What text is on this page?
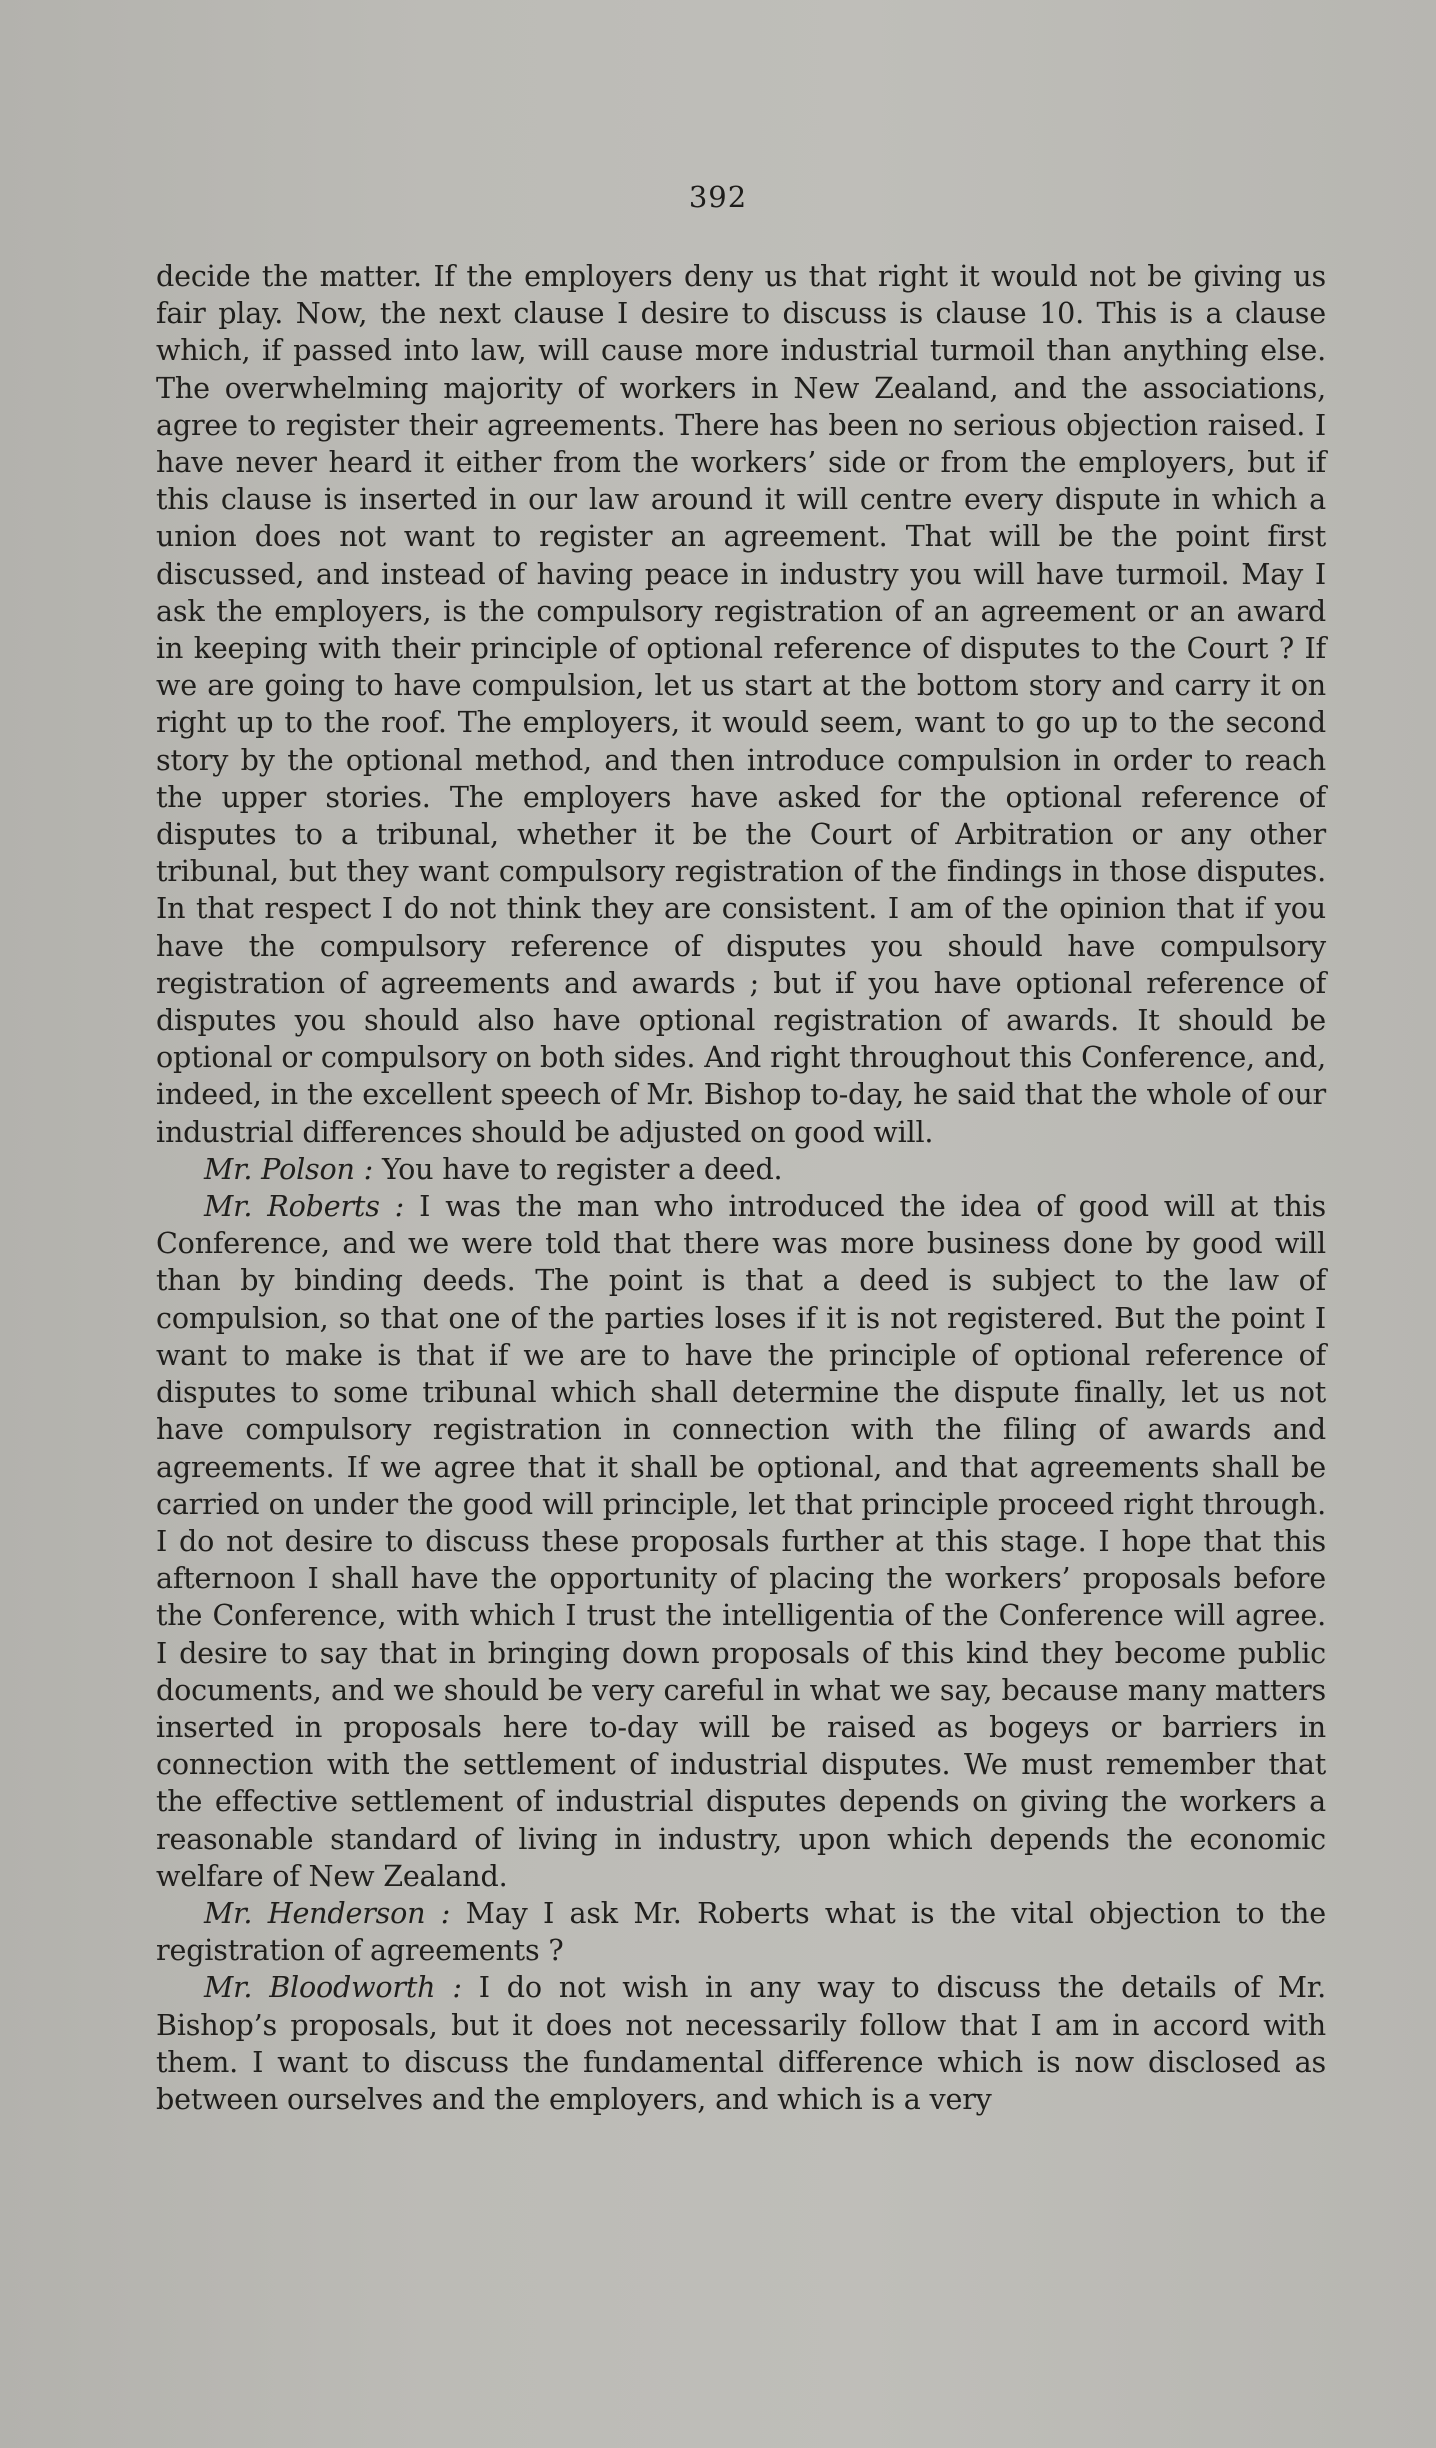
392

decide the matter. If the employers deny us that right it would not be giving us fair play. Now, the next clause I desire to discuss is clause 10. This is a clause which, if passed into law, will cause more industrial turmoil than anything else. The overwhelming majority of workers in New Zealand, and the associations, agree to register their agreements. There has been no serious objection raised. I have never heard it either from the workers’ side or from the employers, but if this clause is inserted in our law around it will centre every dispute in which a union does not want to register an agreement. That will be the point first discussed, and instead of having peace in industry you will have turmoil. May I ask the employers, is the compulsory registration of an agreement or an award in keeping with their principle of optional reference of disputes to the Court ? If we are going to have compulsion, let us start at the bottom story and carry it on right up to the roof. The employers, it would seem, want to go up to the second story by the optional method, and then introduce compulsion in order to reach the upper stories. The employers have asked for the optional reference of disputes to a tribunal, whether it be the Court of Arbitration or any other tribunal, but they want compulsory registration of the findings in those disputes. In that respect I do not think they are consistent. I am of the opinion that if you have the compulsory reference of disputes you should have compulsory registration of agreements and awards ; but if you have optional reference of disputes you should also have optional registration of awards. It should be optional or compulsory on both sides. And right throughout this Conference, and, indeed, in the excellent speech of Mr. Bishop to-day, he said that the whole of our industrial differences should be adjusted on good will.

Mr. Polson : You have to register a deed.

Mr. Roberts : I was the man who introduced the idea of good will at this Conference, and we were told that there was more business done by good will than by binding deeds. The point is that a deed is subject to the law of compulsion, so that one of the parties loses if it is not registered. But the point I want to make is that if we are to have the principle of optional reference of disputes to some tribunal which shall determine the dispute finally, let us not have compulsory registration in connection with the filing of awards and agreements. If we agree that it shall be optional, and that agreements shall be carried on under the good will principle, let that principle proceed right through. I do not desire to discuss these proposals further at this stage. I hope that this afternoon I shall have the opportunity of placing the workers’ proposals before the Conference, with which I trust the intelligentia of the Conference will agree. I desire to say that in bringing down proposals of this kind they become public documents, and we should be very careful in what we say, because many matters inserted in proposals here to-day will be raised as bogeys or barriers in connection with the settlement of industrial disputes. We must remember that the effective settlement of industrial disputes depends on giving the workers a reasonable standard of living in industry, upon which depends the economic welfare of New Zealand.

Mr. Henderson : May I ask Mr. Roberts what is the vital objection to the registration of agreements ?

Mr. Bloodworth : I do not wish in any way to discuss the details of Mr. Bishop’s proposals, but it does not necessarily follow that I am in accord with them. I want to discuss the fundamental difference which is now disclosed as between ourselves and the employers, and which is a very
